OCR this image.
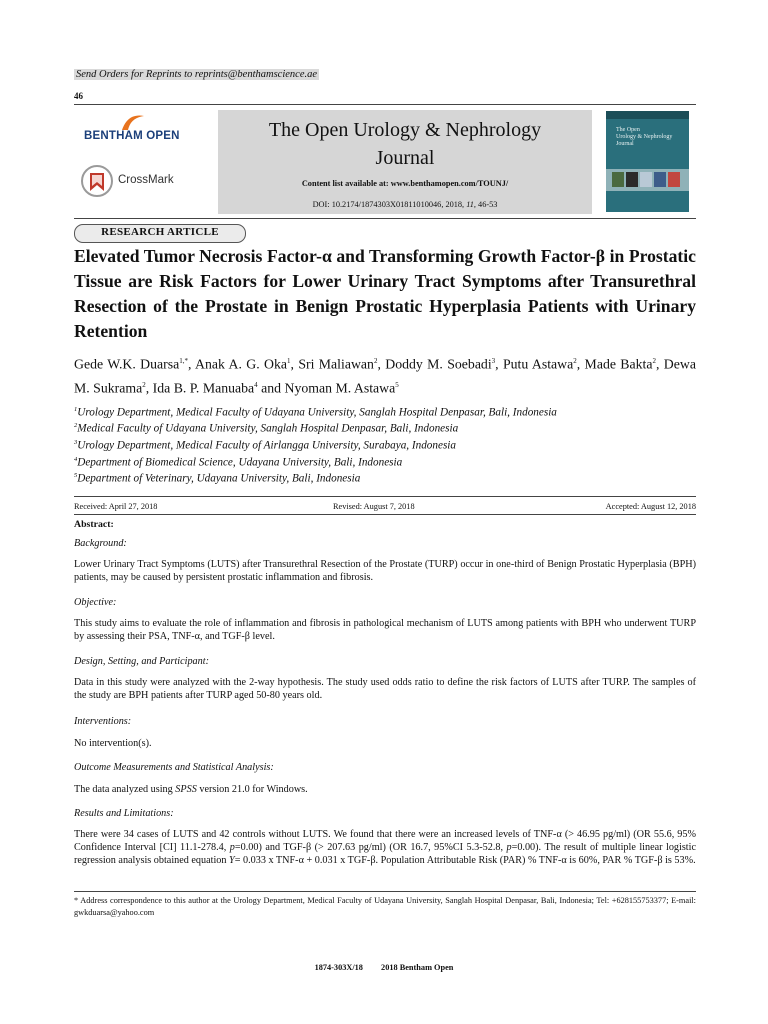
Send Orders for Reprints to reprints@benthamscience.ae
46
BENTHAM OPEN
CrossMark
The Open Urology & Nephrology
Journal
Content list available at: www.benthamopen.com/TOUNJ/
DOI: 10.2174/1874303X01811010046, 2018, 11, 46-53
The Open
Urology & Nephrology
Journal
RESEARCH ARTICLE
Elevated Tumor Necrosis Factor-α and Transforming Growth Factor-β in Prostatic Tissue are Risk Factors for Lower Urinary Tract Symptoms after Transurethral Resection of the Prostate in Benign Prostatic Hyperplasia Patients with Urinary Retention
Gede W.K. Duarsa$^{1,*}$, Anak A. G. Oka$^1$, Sri Maliawan$^2$, Doddy M. Soebadi$^3$, Putu Astawa$^2$, Made Bakta$^2$, Dewa M. Sukrama$^2$, Ida B. P. Manuaba$^4$ and Nyoman M. Astawa$^5$
$^1$Urology Department, Medical Faculty of Udayana University, Sanglah Hospital Denpasar, Bali, Indonesia
$^2$Medical Faculty of Udayana University, Sanglah Hospital Denpasar, Bali, Indonesia
$^3$Urology Department, Medical Faculty of Airlangga University, Surabaya, Indonesia
$^4$Department of Biomedical Science, Udayana University, Bali, Indonesia
$^5$Department of Veterinary, Udayana University, Bali, Indonesia
Received: April 27, 2018	Revised: August 7, 2018	Accepted: August 12, 2018
Abstract:
Background:
Lower Urinary Tract Symptoms (LUTS) after Transurethral Resection of the Prostate (TURP) occur in one-third of Benign Prostatic Hyperplasia (BPH) patients, may be caused by persistent prostatic inflammation and fibrosis.
Objective:
This study aims to evaluate the role of inflammation and fibrosis in pathological mechanism of LUTS among patients with BPH who underwent TURP by assessing their PSA, TNF-α, and TGF-β level.
Design, Setting, and Participant:
Data in this study were analyzed with the 2-way hypothesis. The study used odds ratio to define the risk factors of LUTS after TURP. The samples of the study are BPH patients after TURP aged 50-80 years old.
Interventions:
No intervention(s).
Outcome Measurements and Statistical Analysis:
The data analyzed using SPSS version 21.0 for Windows.
Results and Limitations:
There were 34 cases of LUTS and 42 controls without LUTS. We found that there were an increased levels of TNF-α (> 46.95 pg/ml) (OR 55.6, 95% Confidence Interval [CI] 11.1-278.4, p=0.00) and TGF-β (> 207.63 pg/ml) (OR 16.7, 95%CI 5.3-52.8, p=0.00). The result of multiple linear logistic regression analysis obtained equation Y= 0.033 x TNF-α + 0.031 x TGF-β. Population Attributable Risk (PAR) % TNF-α is 60%, PAR % TGF-β is 53%.
* Address correspondence to this author at the Urology Department, Medical Faculty of Udayana University, Sanglah Hospital Denpasar, Bali, Indonesia; Tel: +628155753377; E-mail: gwkduarsa@yahoo.com
1874-303X/18 2018 Bentham Open
